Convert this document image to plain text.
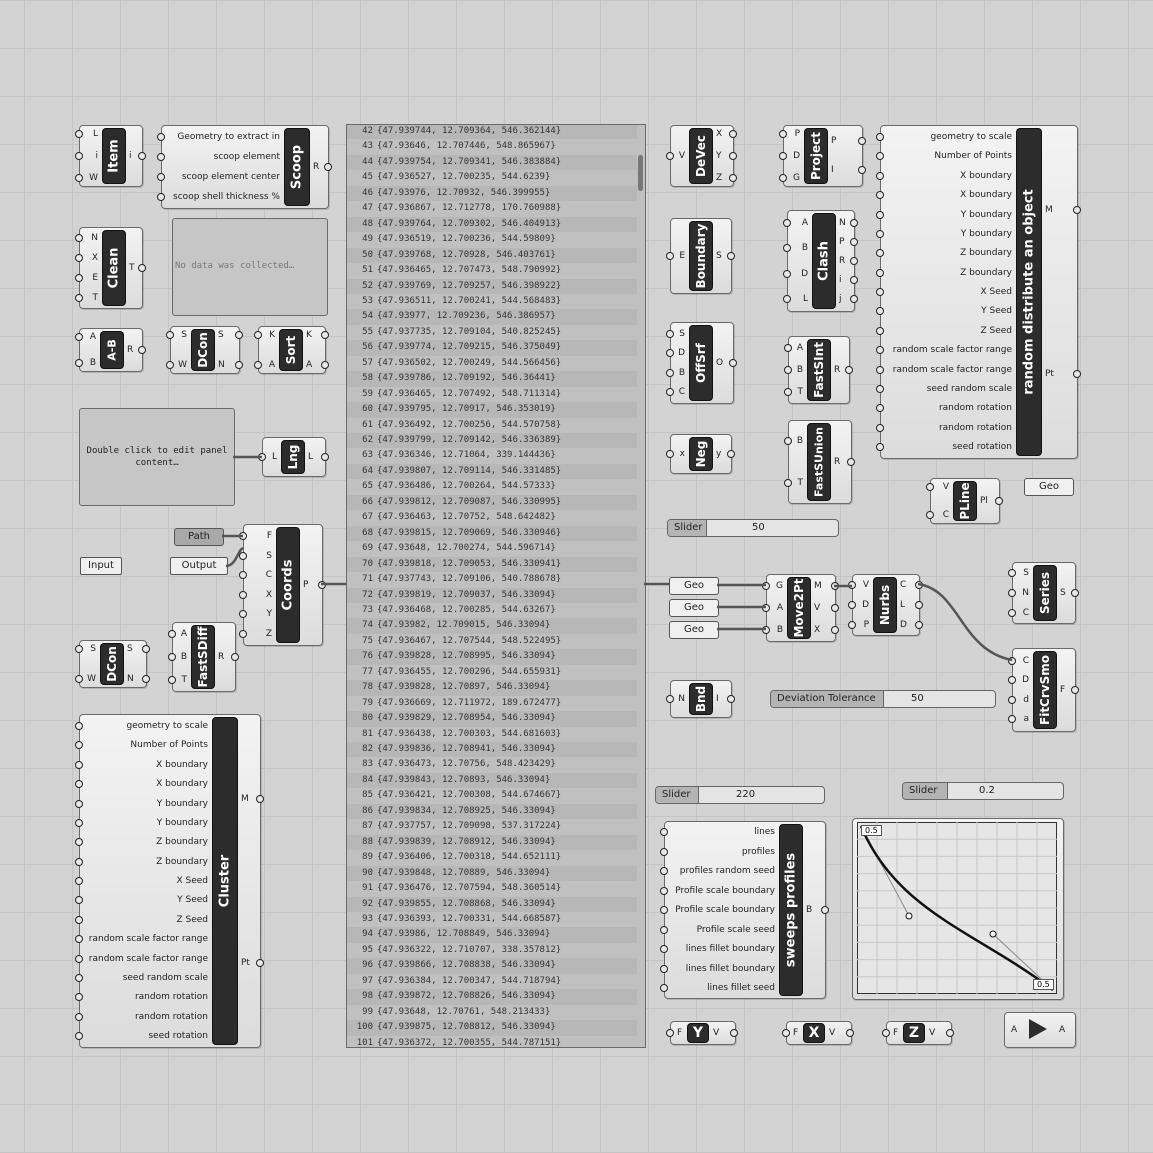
Item
L
i
W
i	Scoop
Geometry to extract in
scoop element
scoop element center
scoop shell thickness %
R
Clean
N
X
E
T
T	No data was collected…
A-B
A
B
R	DCon
S
W
S
N
Sort
K
A
K
A
Double click to edit panel content…	Lng
L	L
Path
Input	Output	Coords
F
S
C
X
Y
Z
P
DCon
S
W
S
N	FastSDiff
A
B
T
R
Cluster
geometry to scale
Number of Points
X boundary
X boundary
Y boundary
Y boundary
Z boundary
Z boundary
X Seed
Y Seed
Z Seed
random scale factor range
random scale factor range
seed random scale
random rotation
random rotation
seed rotation
M
Pt
42 {47.939744, 12.709364, 546.362144}
43 {47.93646, 12.707446, 548.865967}
44 {47.939754, 12.709341, 546.383884}
45 {47.936527, 12.700235, 544.6239}
46 {47.93976, 12.70932, 546.399955}
47 {47.936867, 12.712778, 170.760988}
48 {47.939764, 12.709302, 546.404913}
49 {47.936519, 12.700236, 544.59809}
50 {47.939768, 12.70928, 546.403761}
51 {47.936465, 12.707473, 548.790992}
52 {47.939769, 12.709257, 546.398922}
53 {47.936511, 12.700241, 544.568483}
54 {47.93977, 12.709236, 546.386957}
55 {47.937735, 12.709104, 540.825245}
56 {47.939774, 12.709215, 546.375049}
57 {47.936502, 12.700249, 544.566456}
58 {47.939786, 12.709192, 546.36441}
59 {47.936465, 12.707492, 548.711314}
60 {47.939795, 12.70917, 546.353019}
61 {47.936492, 12.700256, 544.570758}
62 {47.939799, 12.709142, 546.336389}
63 {47.936346, 12.71064, 339.144436}
64 {47.939807, 12.709114, 546.331485}
65 {47.936486, 12.700264, 544.57333}
66 {47.939812, 12.709087, 546.330995}
67 {47.936463, 12.70752, 548.642482}
68 {47.939815, 12.709069, 546.330946}
69 {47.93648, 12.700274, 544.596714}
70 {47.939818, 12.709053, 546.330941}
71 {47.937743, 12.709106, 540.788678}
72 {47.939819, 12.709037, 546.33094}
73 {47.936468, 12.700285, 544.63267}
74 {47.93982, 12.709015, 546.33094}
75 {47.936467, 12.707544, 548.522495}
76 {47.939828, 12.708995, 546.33094}
77 {47.936455, 12.700296, 544.655931}
78 {47.939828, 12.70897, 546.33094}
79 {47.936669, 12.711972, 189.672477}
80 {47.939829, 12.708954, 546.33094}
81 {47.936438, 12.700303, 544.681603}
82 {47.939836, 12.708941, 546.33094}
83 {47.936473, 12.70756, 548.423429}
84 {47.939843, 12.70893, 546.33094}
85 {47.936421, 12.700308, 544.674667}
86 {47.939834, 12.708925, 546.33094}
87 {47.937757, 12.709098, 537.317224}
88 {47.939839, 12.708912, 546.33094}
89 {47.936406, 12.700318, 544.652111}
90 {47.939848, 12.70889, 546.33094}
91 {47.936476, 12.707594, 548.360514}
92 {47.939855, 12.708868, 546.33094}
93 {47.936393, 12.700331, 544.668587}
94 {47.93986, 12.708849, 546.33094}
95 {47.936322, 12.710707, 338.357812}
96 {47.939866, 12.708838, 546.33094}
97 {47.936384, 12.700347, 544.718794}
98 {47.939872, 12.708826, 546.33094}
99 {47.93648, 12.70761, 548.213433}
100 {47.939875, 12.708812, 546.33094}
101 {47.936372, 12.700355, 544.787151}
DeVec
V
X
Y
Z	Project
P
D
G
P
I
Boundary
E	S	Clash
A
B
D
L
N
P
R
i
j
OffSrf
S
D
B
C
O	FastSInt
A
B
T
R
Neg
x	y	FastSUnion
B
T
R
random distribute an object
geometry to scale
Number of Points
X boundary
X boundary
Y boundary
Y boundary
Z boundary
Z boundary
X Seed
Y Seed
Z Seed
random scale factor range
random scale factor range
seed random scale
random rotation
random rotation
seed rotation
M
Pt
PLine
V
C
Pl
Geo
Slider	50
Geo
Geo
Geo	Move2Pt
G
A
B
M
V
X
Nurbs
V
D
P
C
L
D
Series
S
N
C
S
Bnd
N	I	Deviation Tolerance	50	FitCrvSmo
C
D
d
a
F
Slider	220	Slider	0.2
sweeps profiles
lines
profiles
profiles random seed
Profile scale boundary
Profile scale boundary
Profile scale seed
lines fillet boundary
lines fillet boundary
lines fillet seed
B
0.5
0.5
F Y	V	F X	V	F Z	V	A	A
